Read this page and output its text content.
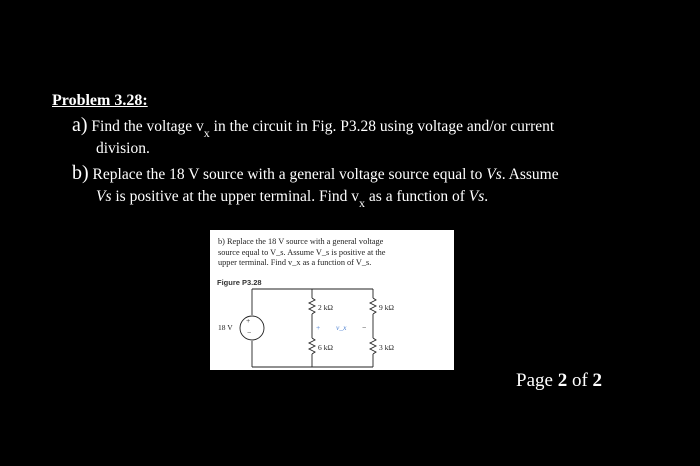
Problem 3.28:
a) Find the voltage $v_x$ in the circuit in Fig. P3.28 using voltage and/or current
division.
b) Replace the 18 V source with a general voltage source equal to Vs. Assume
Vs is positive at the upper terminal. Find $v_x$ as a function of Vs.
b) Replace the 18 V source with a general voltage
source equal to V_s. Assume V_s is positive at the
upper terminal. Find v_x as a function of V_s.
Figure P3.28
+
−
18 V
2 kΩ	9 kΩ
6 kΩ	3 kΩ
+ v_x −
Page 2 of 2
